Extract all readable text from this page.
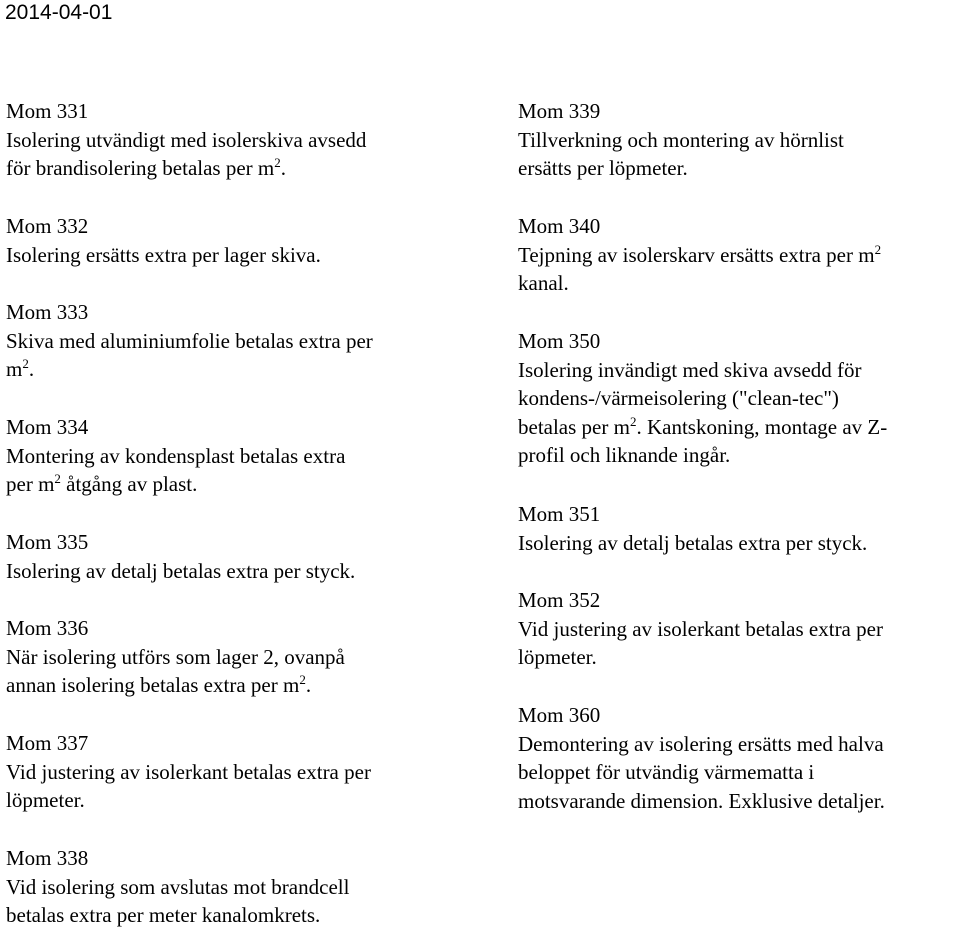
2014-04-01
Mom 331
Isolering utvändigt med isolerskiva avsedd
för brandisolering betalas per $m^2$.
Mom 332
Isolering ersätts extra per lager skiva.
Mom 333
Skiva med aluminiumfolie betalas extra per
$m^2$.
Mom 334
Montering av kondensplast betalas extra
per $m^2$ åtgång av plast.
Mom 335
Isolering av detalj betalas extra per styck.
Mom 336
När isolering utförs som lager 2, ovanpå
annan isolering betalas extra per $m^2$.
Mom 337
Vid justering av isolerkant betalas extra per
löpmeter.
Mom 338
Vid isolering som avslutas mot brandcell
betalas extra per meter kanalomkrets.
Mom 339
Tillverkning och montering av hörnlist
ersätts per löpmeter.
Mom 340
Tejpning av isolerskarv ersätts extra per $m^2$
kanal.
Mom 350
Isolering invändigt med skiva avsedd för
kondens-/värmeisolering ("clean-tec")
betalas per $m^2$. Kantskoning, montage av Z-
profil och liknande ingår.
Mom 351
Isolering av detalj betalas extra per styck.
Mom 352
Vid justering av isolerkant betalas extra per
löpmeter.
Mom 360
Demontering av isolering ersätts med halva
beloppet för utvändig värmematta i
motsvarande dimension. Exklusive detaljer.
